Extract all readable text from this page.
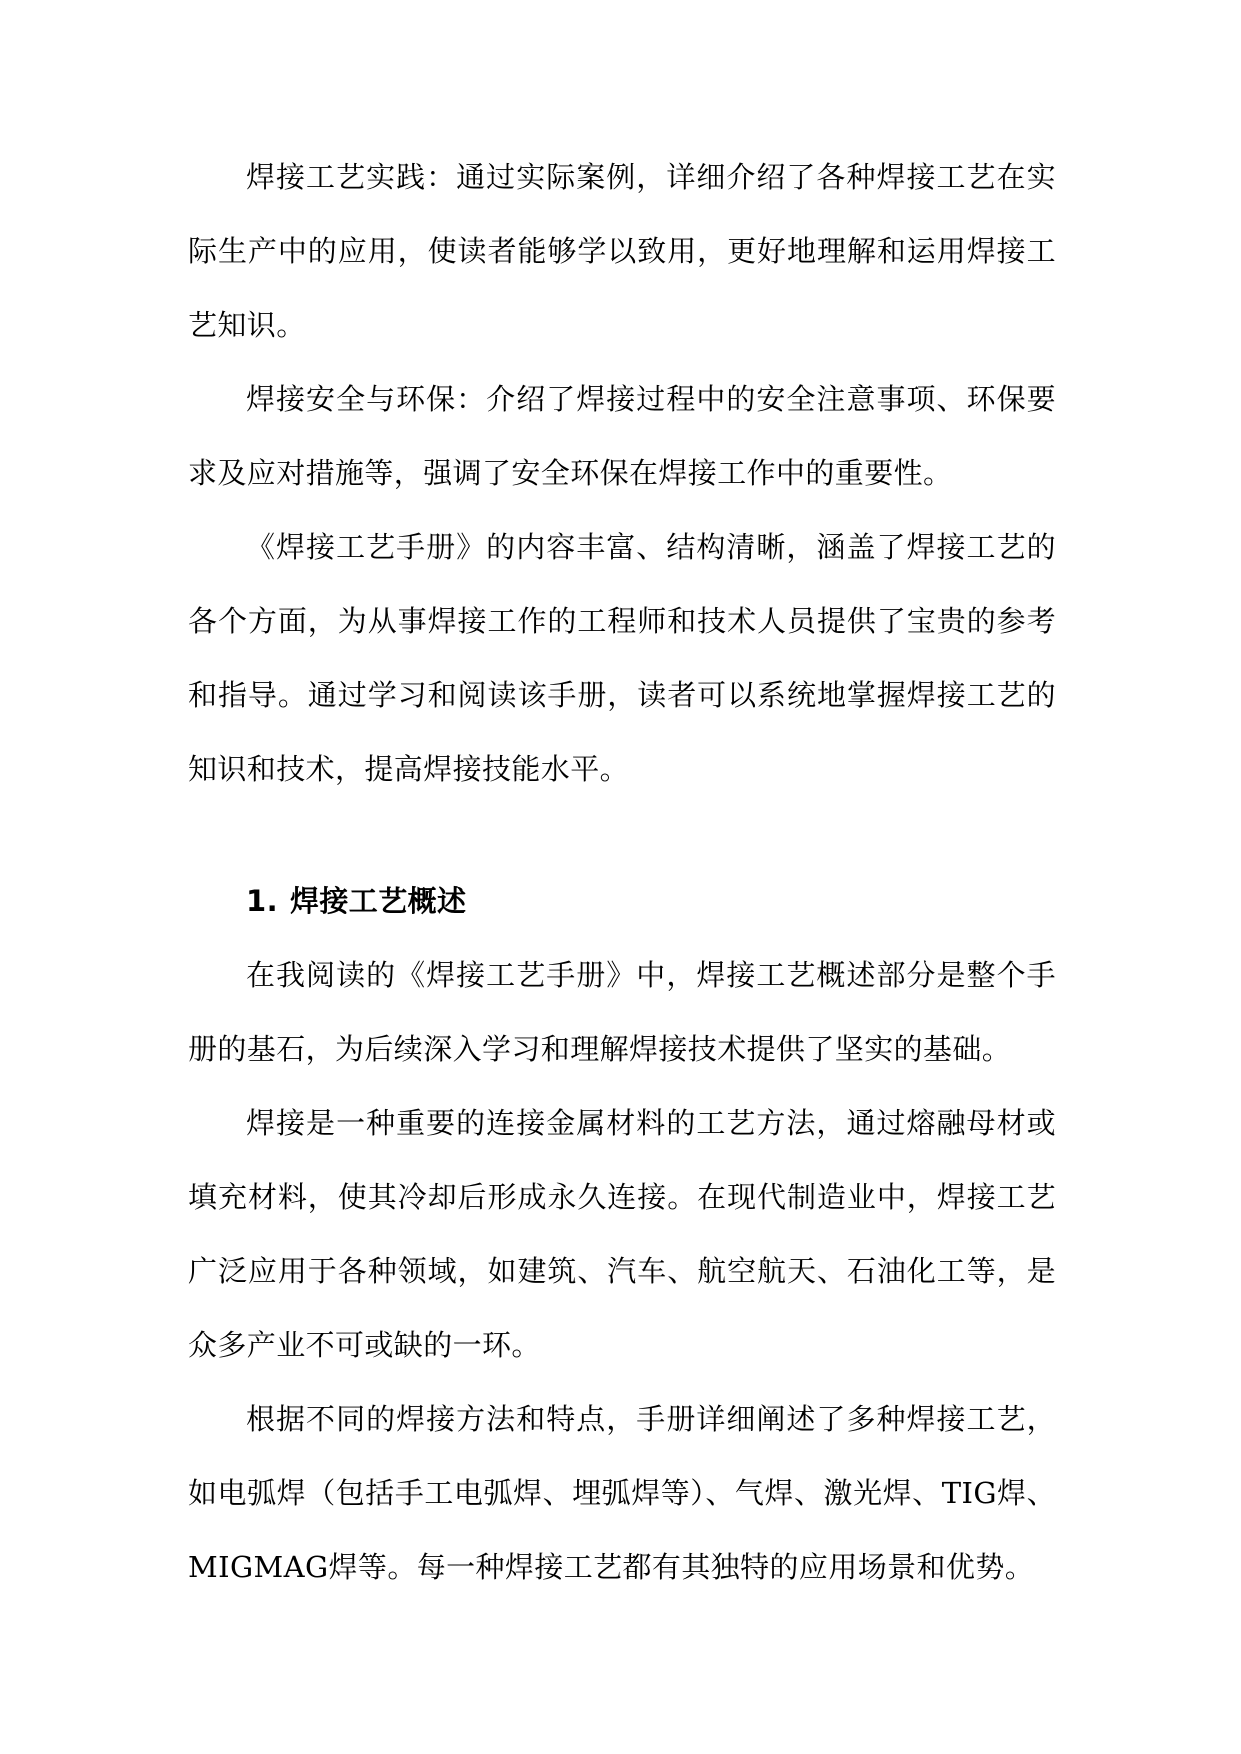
焊接工艺实践：通过实际案例，详细介绍了各种焊接工艺在实际生产中的应用，使读者能够学以致用，更好地理解和运用焊接工艺知识。

焊接安全与环保：介绍了焊接过程中的安全注意事项、环保要求及应对措施等，强调了安全环保在焊接工作中的重要性。

《焊接工艺手册》的内容丰富、结构清晰，涵盖了焊接工艺的各个方面，为从事焊接工作的工程师和技术人员提供了宝贵的参考和指导。通过学习和阅读该手册，读者可以系统地掌握焊接工艺的知识和技术，提高焊接技能水平。

1. 焊接工艺概述

在我阅读的《焊接工艺手册》中，焊接工艺概述部分是整个手册的基石，为后续深入学习和理解焊接技术提供了坚实的基础。

焊接是一种重要的连接金属材料的工艺方法，通过熔融母材或填充材料，使其冷却后形成永久连接。在现代制造业中，焊接工艺广泛应用于各种领域，如建筑、汽车、航空航天、石油化工等，是众多产业不可或缺的一环。

根据不同的焊接方法和特点，手册详细阐述了多种焊接工艺，如电弧焊（包括手工电弧焊、埋弧焊等）、气焊、激光焊、TIG焊、MIGMAG焊等。每一种焊接工艺都有其独特的应用场景和优势。
